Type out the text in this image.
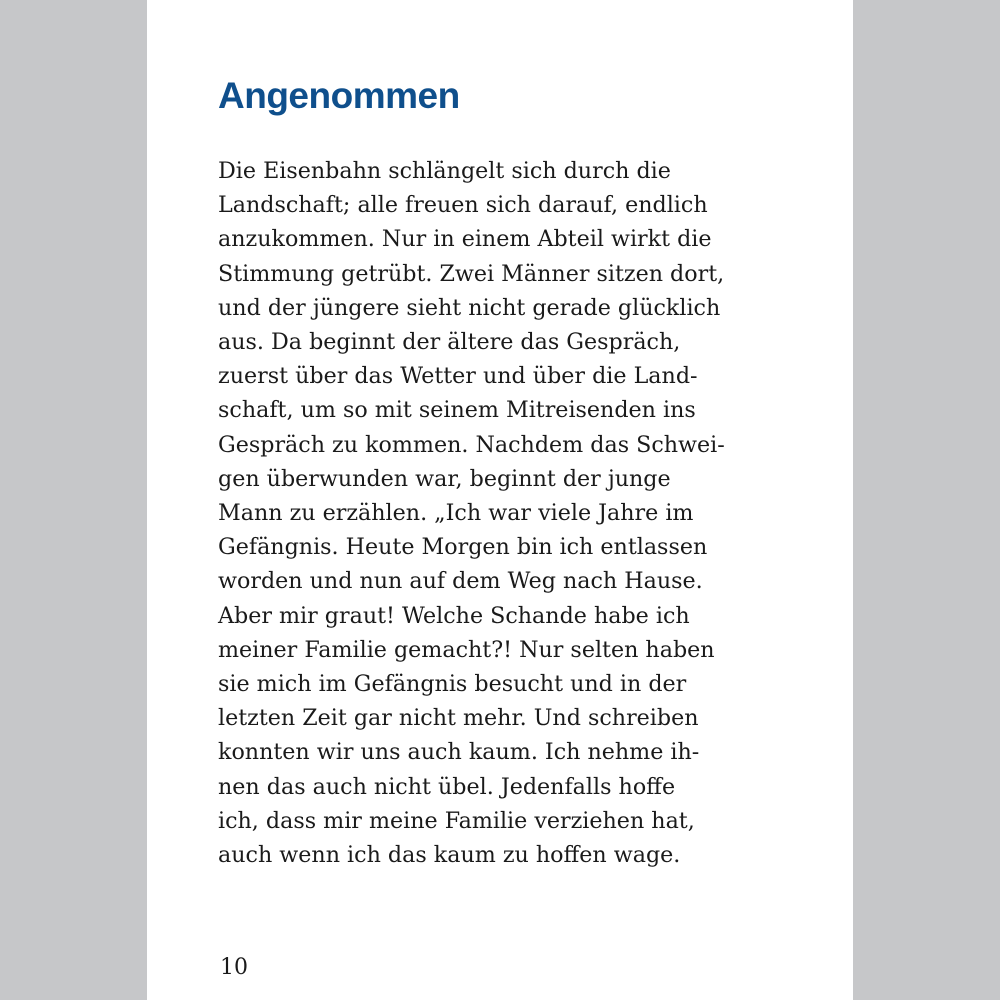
Angenommen
Die Eisenbahn schlängelt sich durch die
Landschaft; alle freuen sich darauf, endlich
anzukommen. Nur in einem Abteil wirkt die
Stimmung getrübt. Zwei Männer sitzen dort,
und der jüngere sieht nicht gerade glücklich
aus. Da beginnt der ältere das Gespräch,
zuerst über das Wetter und über die Land-
schaft, um so mit seinem Mitreisenden ins
Gespräch zu kommen. Nachdem das Schwei-
gen überwunden war, beginnt der junge
Mann zu erzählen. „Ich war viele Jahre im
Gefängnis. Heute Morgen bin ich entlassen
worden und nun auf dem Weg nach Hause.
Aber mir graut! Welche Schande habe ich
meiner Familie gemacht?! Nur selten haben
sie mich im Gefängnis besucht und in der
letzten Zeit gar nicht mehr. Und schreiben
konnten wir uns auch kaum. Ich nehme ih-
nen das auch nicht übel. Jedenfalls hoffe
ich, dass mir meine Familie verziehen hat,
auch wenn ich das kaum zu hoffen wage.

10
